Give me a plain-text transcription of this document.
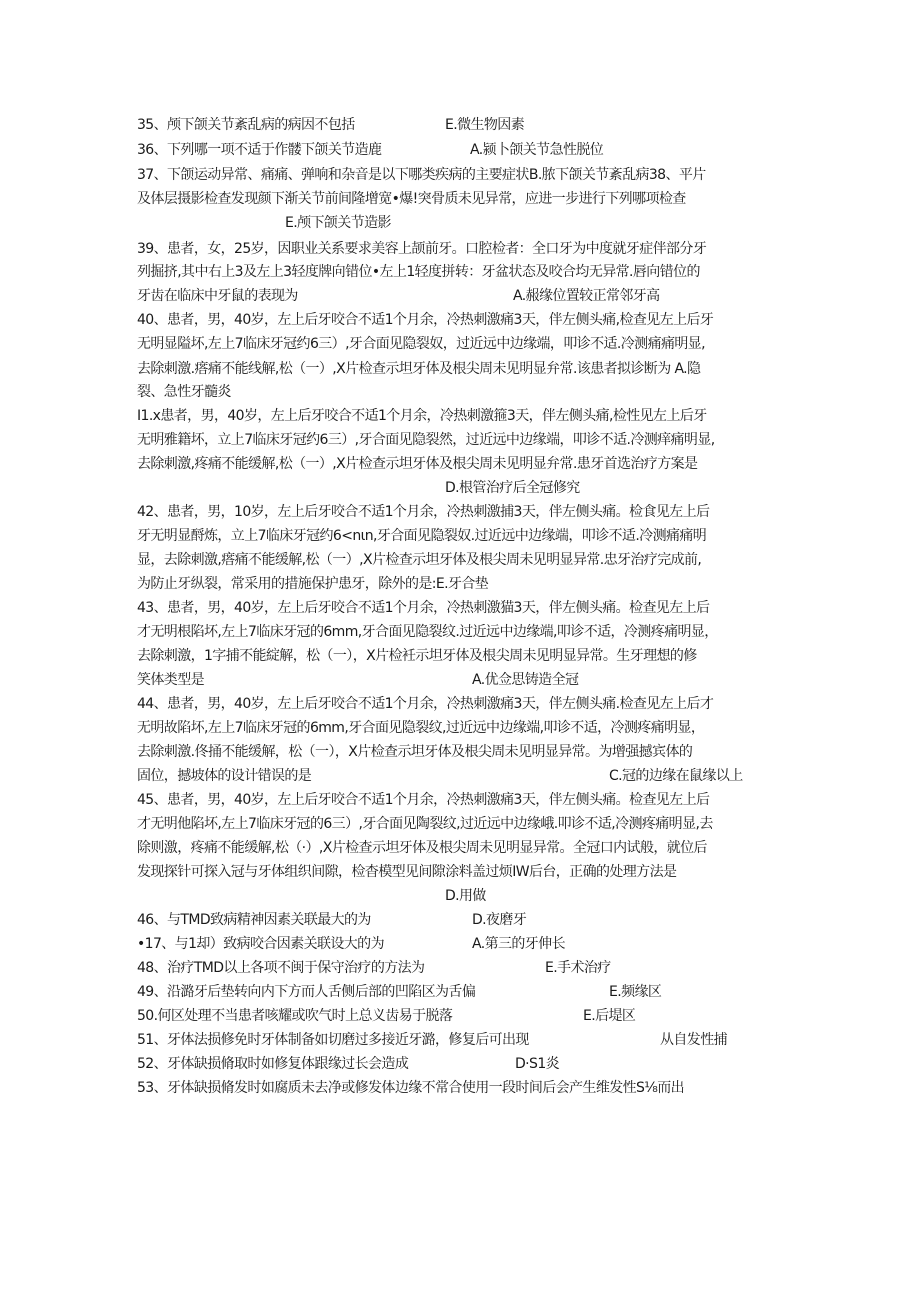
35、颅下颌关节紊乱病的病因不包括
36、下列哪一项不适于作髅下颌关节造鹿
37、下颌运动异常、痛痛、弹响和杂音是以下哪类疾病的主要症状B.脓下颌关节紊乱病38、平片
及体层摄影检查发现颜下渐关节前间隆增宽•爆!突骨质未见异常，应进一步进行下列哪项检查
39、患者，女，25岁，因职业关系要求美容上颉前牙。口腔检者：全口牙为中度就牙症伴部分牙
列掘挤,其中右上3及左上3轻度牌向错位•左上1轻度拼转：牙盆状态及咬合均无异常.唇向错位的
牙齿在临床中牙鼠的表现为
40、患者，男，40岁，左上后牙咬合不适1个月余，冷热刺激痛3天，伴左侧头痛,检查见左上后牙
无明显隘坏,左上7临床牙冠约6三）,牙合面见隐裂奴，过近远中边缘端，叩诊不适.冷测痛痛明显,
去除刺激.瘩痛不能线解,松（一）,X片检查示坦牙体及根尖周未见明显弁常.该患者拟诊断为 A.隐
裂、急性牙髓炎
I1.x患者，男，40岁，左上后牙咬合不适1个月余，冷热刺激箍3天，伴左侧头痛,检性见左上后牙
无明雅籍坏，立上7临床牙冠约6三）,牙合面见隐裂然，过近远中边缘端，叩诊不适.冷测痒痛明显,
去除刺激,疼痛不能缓解,松（一）,X片检查示坦牙体及根尖周未见明显弁常.患牙首选治疗方案是
42、患者，男，10岁，左上后牙咬合不适1个月余，冷热刺激捕3天，伴左侧头痛。检食见左上后
牙无明显酹炼，立上7临床牙冠约6<nιn,牙合面见隐裂奴.过近远中边缘端，叩诊不适.冷测痛痛明
显，去除刺激,瘩痛不能缓解,松（一）,X片检查示坦牙体及根尖周未见明显异常.忠牙治疗完成前,
为防止牙纵裂，常采用的措施保护患牙，除外的是:E.牙合垫
43、患者，男，40岁，左上后牙咬合不适1个月余，冷热刺激猫3天，伴左侧头痛。检查见左上后
才无明根陷坏,左上7临床牙冠的6mm,牙合面见隐裂纹.过近远中边缘端,叩诊不适，冷测疼痛明显，
去除刺激，1字捕不能綻解，松（一），X片检衽示坦牙体及根尖周未见明显异常。生牙理想的修
笑体类型是
44、患者，男，40岁，左上后牙咬合不适1个月余，冷热刺激痛3天，伴左侧头痛.检查见左上后才
无明故陷坏,左上7临床牙冠的6mm,牙合面见隐裂纹,过近远中边缘端,叩诊不适，冷测疼痛明显，
去除刺激.佟捅不能缓解，松（一），X片检查示坦牙体及根尖周未见明显异常。为增强撼宾体的
固位，撼坡体的设计错误的是
45、患者，男，40岁，左上后牙咬合不适1个月余，冷热刺激痛3天，伴左侧头痛。检查见左上后
才无明他陷坏,左上7临床牙冠的6三）,牙合面见陶裂纹,过近远中边缘峨.叩诊不适,冷测疼痛明显,去
除则激，疼痛不能缓解,松（·）,X片检查示坦牙体及根尖周未见明显异常。全冠口内试般，就位后
发现探针可探入冠与牙体组织间隙，检杳模型见间隙涂料盖过烦IW后台，正确的处理方法是
46、与TMD致病精神因素关联最大的为
•17、与1却）致病咬合因素关联设大的为
48、治疗TMD以上各项不闽于保守治疗的方法为
49、沿潞牙后垫转向内下方而人舌侧后部的凹陷区为舌偏
50.何区处理不当患者咳耀或吹气时上总义齿易于脱落
51、牙体法损修免时牙体制备如切磨过多接近牙潞，修复后可出现
52、牙体缺损脩取时如修复体跟缘过长会造成
53、牙体缺损脩发时如腐质未去净或修发体边缘不常合使用一段时间后会产生维发性S⅛而出
E.微生物因素
A.颍卜颌关节急性脱位
E.颅下颌关节造影
A.赧缘位置较正常邻牙高
D.根管治疗后全冠修究
A.优佥思铸造全冠
C.冠的边缘在鼠缘以上
D.用做
D.夜磨牙
A.第三的牙伸长
E.手术治疗
E.频缘区
E.后堤区
从自发性捕
D·S1炎
